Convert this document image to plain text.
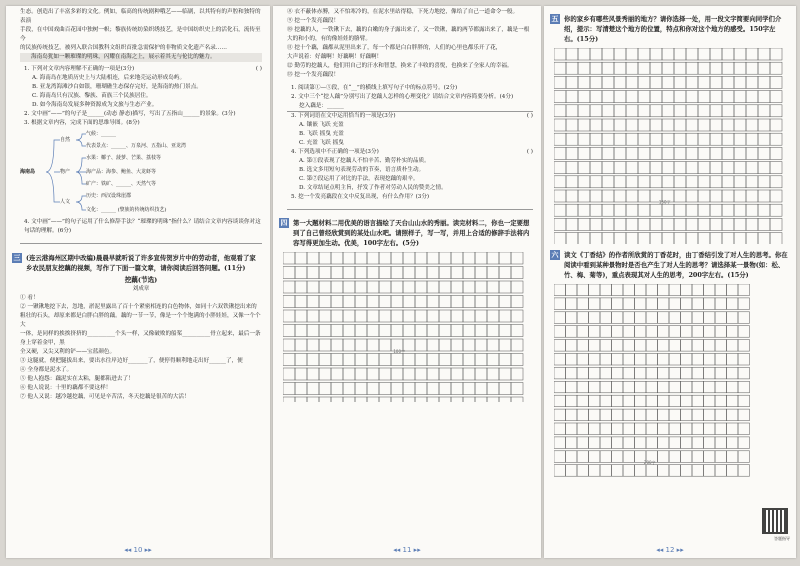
生态。创造出了丰富多彩的文化。例如，临高的传统剧种哦艺——临剧，以其特有的声腔和独特的表演

手段，在中国戏曲百花园中独树一帜；黎族传统纺染织绣技艺，是中国纺织史上的活化石，流传至今

的民族传统技艺，被列入联合国教科文组织首批急需保护的非物质文化遗产名录……

海南岛犹如一颗璀璨的明珠，闪耀在南海之上，展示着其无与伦比的魅力。

1. 下列对文章内容理解不正确的一项是(3分)	( )

A. 海南岛在地质历史上与大陆相连，后来地壳运动形成岛屿。

B. 亚龙湾海滩沙白如银，珊瑚礁生态保存完好，是海南的热门景点。

C. 海南岛只有汉族、黎族、苗族三个民族居住。

D. 如今海南岛发展多种资源成为文旅与生态产业。

2. 文中画“——”的句子是______(动态 静态)描写，写出了五指山______的景象。(3分)

3. 根据文章内容，完成下面的思维导图。(8分)

海南岛
自然
物产
人文
气候：______
代表景点：______、万泉河、五指山、亚龙湾
水果：椰子、菠萝、芒果、荔枝等
海产品：海参、鲍鱼、大龙虾等
矿产：铁矿、______、天然气等
历史：西汉设珠崖郡
文化：______ (黎族的传统纺织技艺)

4. 文中画“——”的句子运用了什么修辞手法？“璀璨的明珠”指什么？请结合文章内容谈谈你对这句话的理解。(6分)

三 (连云港海州区期中改编)晨晨早就听说了许多宣传贺岁片中的劳动者，他观看了家乡农民朋友挖藕的视频，写作了下面一篇文章，请你阅读后回答问题。(11分)

挖藕(节选)

刘成章

① 看！

② 一锹锹地挖下去，忽地，淤泥里露出了百十个紧密相连的白色物体，如同十六双铁锹挖出来的

粗壮的石头，却原来都是白胖白胖的藕。藕的一节一节，像是一个个饱满的小胖娃娃，又像一个个大

一体，是同样的挨挨挤挤的__________个头一样，又像破败的船桨__________骨立起来，最后一条身上穿着金甲，黑

全又硬，又尖又利的铲——宝蓝颜色。

③ 这腿就，便把腿拔出来，要出水往岸边好_______了，便停得顺利地走出好______了，便

④ 全身都是泥水了。

⑤ 他人抱怨：藕泥实在太粘，腿都陷进去了！

⑥ 他人说说：十里的藕都不要这样！

⑦ 他人又说：越冷越挖藕，可见是辛苦活，冬天挖藕是很苦的大活！

◂◂ 10 ▸▸

⑧ 衣不蔽体赤膊，又不怕寒冷的，在泥水里站得稳，下死力地挖，像给了自己一道命令一般。

⑨ 挖一个发亮藕段！

⑩ 挖藕的人，一铁锹下去，藕的白嫩的身子露出来了，又一铁锹，藕的两节都露出来了，藕是一根

大的和小的，有的像娃娃的胳臂。

⑪ 挖十个藕，藕都从泥里出来了，每一个都是白白胖胖的，人们的心里也都乐开了花，

大声说着：好藕啊！好藕啊！好藕啊！

⑫ 勤劳的挖藕人，他们用自己的汗水和智慧，换来了丰收的喜悦，也换来了全家人的幸福。

⑬ 挖一个发亮藕段！

1. 阅读第①—⑤段，在“__”的横线上填写句子中的标点符号。(2分)

2. 文中三个“挖人藕”分别写出了挖藕人怎样的心理变化？请结合文章内容简要分析。(4分)

挖入藕是：______

3. 下列词语在文中运用恰当的一项是(3分)	( )

A. 镶嵌 飞跃 充盈

B. 飞跃 摇曳 充盈

C. 充盈 飞跃 摇曳

4. 下列选项中不正确的一项是(3分)	( )

A. 第①段表现了挖藕人不怕辛苦、勤劳朴实的品质。

B. 选文多用短句表现劳动的节奏，语言质朴生动。

C. 第⑦段运用了对比的手法，表现挖藕的艰辛。

D. 文章结尾点明主旨，抒发了作者对劳动人民的赞美之情。

5. 挖一个发亮藕段在文中反复出现，有什么作用？(3分)

四 第一大题材料二用优美的语言描绘了天台山山水的秀丽。读完材料二，你也一定要想到了自己曾经欣赏到的某处山水吧。请照样子，写一写，并用上合适的修辞手法将内容写得更加生动。优美，100字左右。(5分)
100字
◂◂ 11 ▸▸
五 你的家乡有哪些风景秀丽的地方？请你选择一处，用一段文字简要向同学们介绍，提示：写清楚这个地方的位置，特点和你对这个地方的感受。150字左右。(15分)
150字
六 读文《丁香结》的作者所欣赏的丁香花时，由丁香结引发了对人生的思考。你在阅读中看到某种景物时是否也产生了对人生的思考？请选择某一景物(如：松、竹、梅、菊等)，重点表现其对人生的思考，200字左右。(15分)
200字
答题指导
◂◂ 12 ▸▸
